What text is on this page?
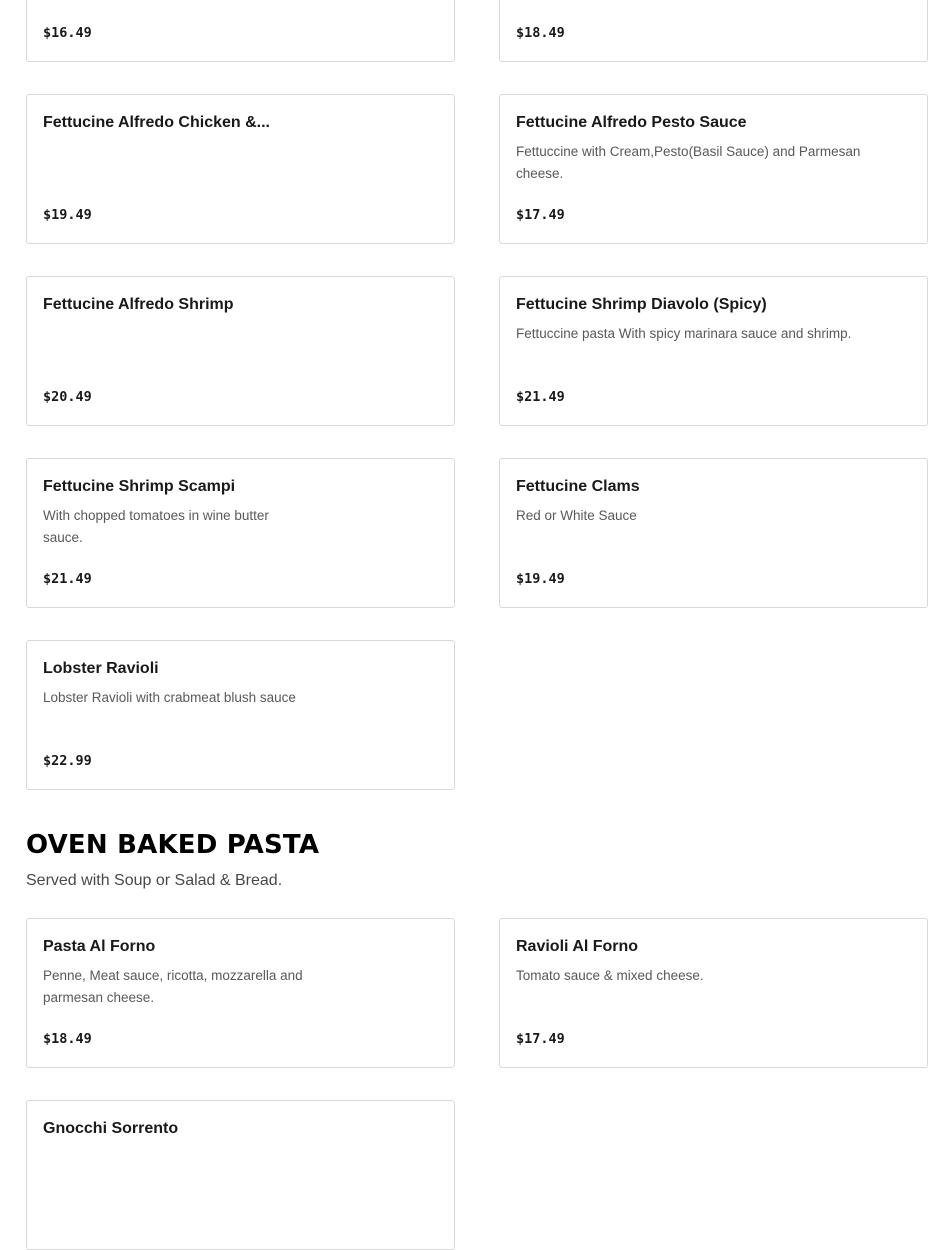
$16.49	$18.49
Fettucine Alfredo Chicken &...
$19.49
Fettucine Alfredo Pesto Sauce
Fettuccine with Cream,Pesto(Basil Sauce) and Parmesan cheese.
$17.49
Fettucine Alfredo Shrimp
$20.49
Fettucine Shrimp Diavolo (Spicy)
Fettuccine pasta With spicy marinara sauce and shrimp.
$21.49
Fettucine Shrimp Scampi
With chopped tomatoes in wine butter sauce.
$21.49
Fettucine Clams
Red or White Sauce
$19.49
Lobster Ravioli
Lobster Ravioli with crabmeat blush sauce
$22.99
OVEN BAKED PASTA
Served with Soup or Salad & Bread.
Pasta Al Forno
Penne, Meat sauce, ricotta, mozzarella and parmesan cheese.
$18.49
Ravioli Al Forno
Tomato sauce & mixed cheese.
$17.49
Gnocchi Sorrento
